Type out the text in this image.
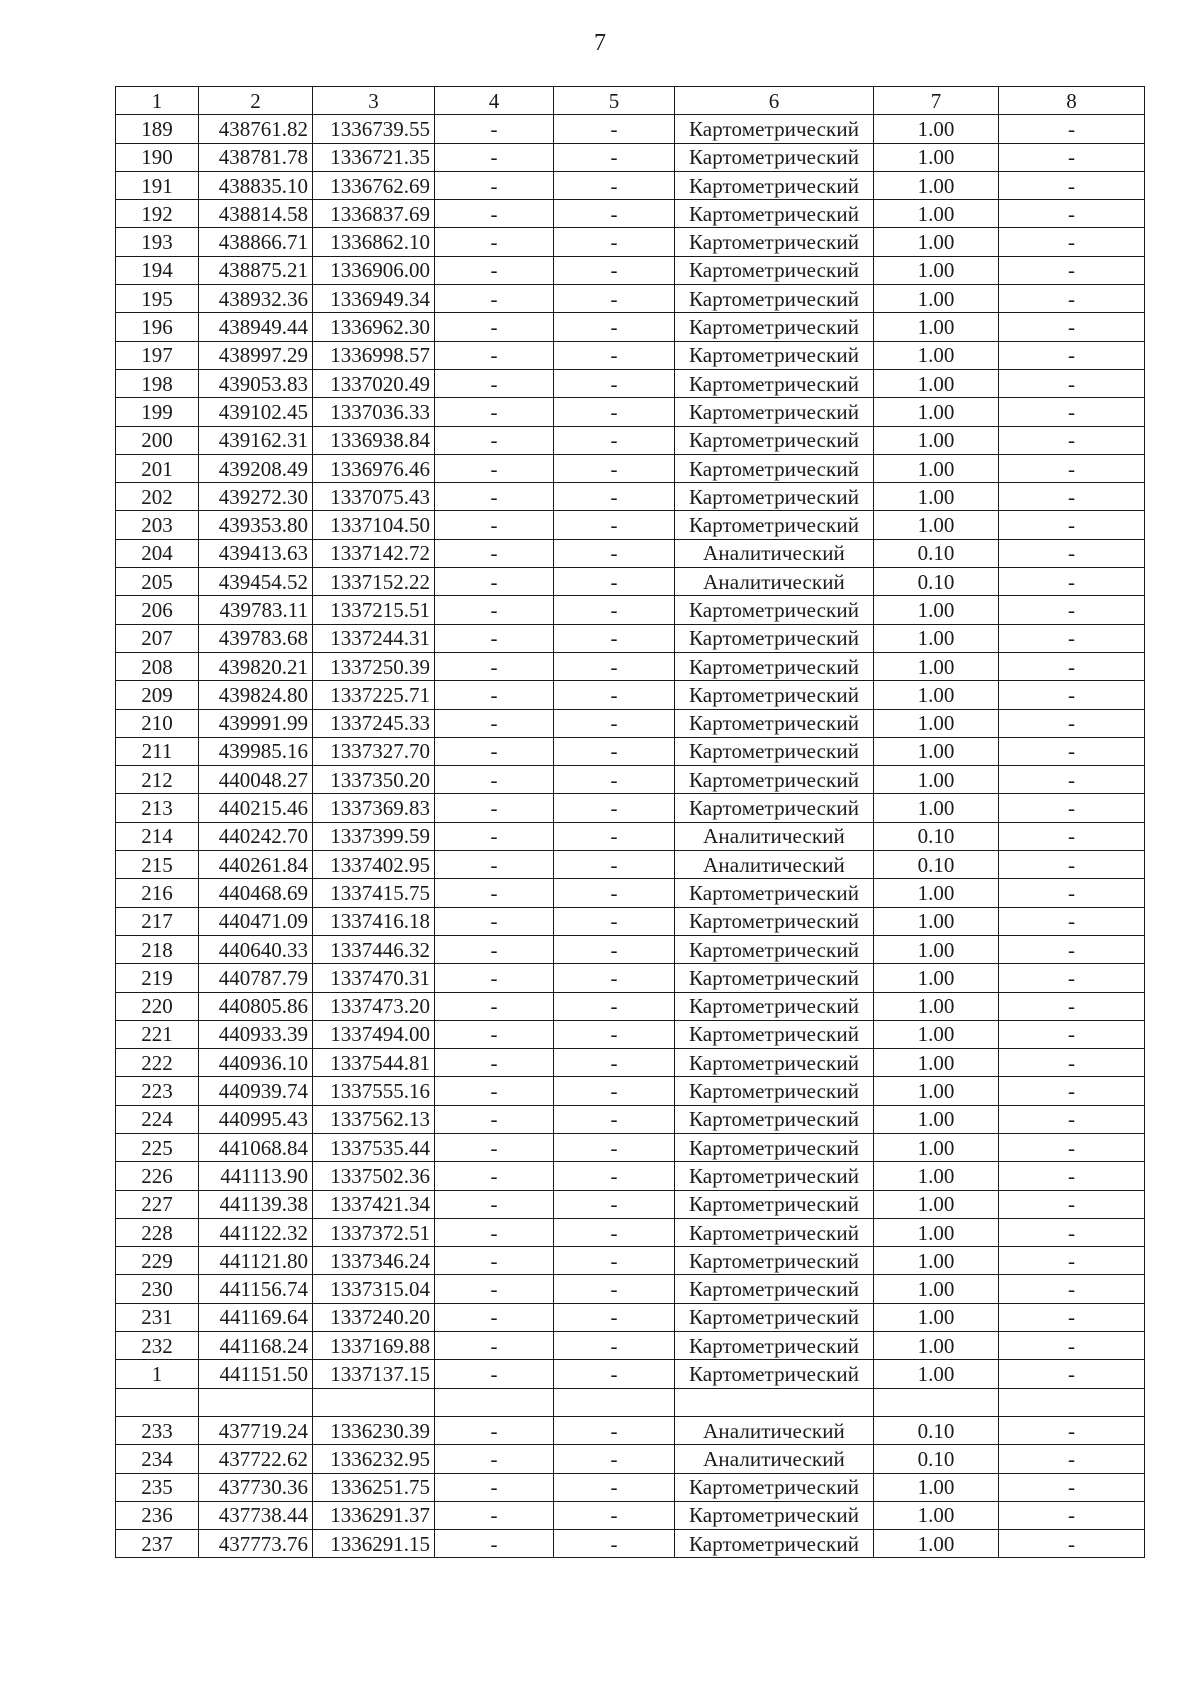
7
1	2	3	4	5	6	7	8
189	438761.82	1336739.55	-	-	Картометрический	1.00	-
190	438781.78	1336721.35	-	-	Картометрический	1.00	-
191	438835.10	1336762.69	-	-	Картометрический	1.00	-
192	438814.58	1336837.69	-	-	Картометрический	1.00	-
193	438866.71	1336862.10	-	-	Картометрический	1.00	-
194	438875.21	1336906.00	-	-	Картометрический	1.00	-
195	438932.36	1336949.34	-	-	Картометрический	1.00	-
196	438949.44	1336962.30	-	-	Картометрический	1.00	-
197	438997.29	1336998.57	-	-	Картометрический	1.00	-
198	439053.83	1337020.49	-	-	Картометрический	1.00	-
199	439102.45	1337036.33	-	-	Картометрический	1.00	-
200	439162.31	1336938.84	-	-	Картометрический	1.00	-
201	439208.49	1336976.46	-	-	Картометрический	1.00	-
202	439272.30	1337075.43	-	-	Картометрический	1.00	-
203	439353.80	1337104.50	-	-	Картометрический	1.00	-
204	439413.63	1337142.72	-	-	Аналитический	0.10	-
205	439454.52	1337152.22	-	-	Аналитический	0.10	-
206	439783.11	1337215.51	-	-	Картометрический	1.00	-
207	439783.68	1337244.31	-	-	Картометрический	1.00	-
208	439820.21	1337250.39	-	-	Картометрический	1.00	-
209	439824.80	1337225.71	-	-	Картометрический	1.00	-
210	439991.99	1337245.33	-	-	Картометрический	1.00	-
211	439985.16	1337327.70	-	-	Картометрический	1.00	-
212	440048.27	1337350.20	-	-	Картометрический	1.00	-
213	440215.46	1337369.83	-	-	Картометрический	1.00	-
214	440242.70	1337399.59	-	-	Аналитический	0.10	-
215	440261.84	1337402.95	-	-	Аналитический	0.10	-
216	440468.69	1337415.75	-	-	Картометрический	1.00	-
217	440471.09	1337416.18	-	-	Картометрический	1.00	-
218	440640.33	1337446.32	-	-	Картометрический	1.00	-
219	440787.79	1337470.31	-	-	Картометрический	1.00	-
220	440805.86	1337473.20	-	-	Картометрический	1.00	-
221	440933.39	1337494.00	-	-	Картометрический	1.00	-
222	440936.10	1337544.81	-	-	Картометрический	1.00	-
223	440939.74	1337555.16	-	-	Картометрический	1.00	-
224	440995.43	1337562.13	-	-	Картометрический	1.00	-
225	441068.84	1337535.44	-	-	Картометрический	1.00	-
226	441113.90	1337502.36	-	-	Картометрический	1.00	-
227	441139.38	1337421.34	-	-	Картометрический	1.00	-
228	441122.32	1337372.51	-	-	Картометрический	1.00	-
229	441121.80	1337346.24	-	-	Картометрический	1.00	-
230	441156.74	1337315.04	-	-	Картометрический	1.00	-
231	441169.64	1337240.20	-	-	Картометрический	1.00	-
232	441168.24	1337169.88	-	-	Картометрический	1.00	-
1	441151.50	1337137.15	-	-	Картометрический	1.00	-

233	437719.24	1336230.39	-	-	Аналитический	0.10	-
234	437722.62	1336232.95	-	-	Аналитический	0.10	-
235	437730.36	1336251.75	-	-	Картометрический	1.00	-
236	437738.44	1336291.37	-	-	Картометрический	1.00	-
237	437773.76	1336291.15	-	-	Картометрический	1.00	-
